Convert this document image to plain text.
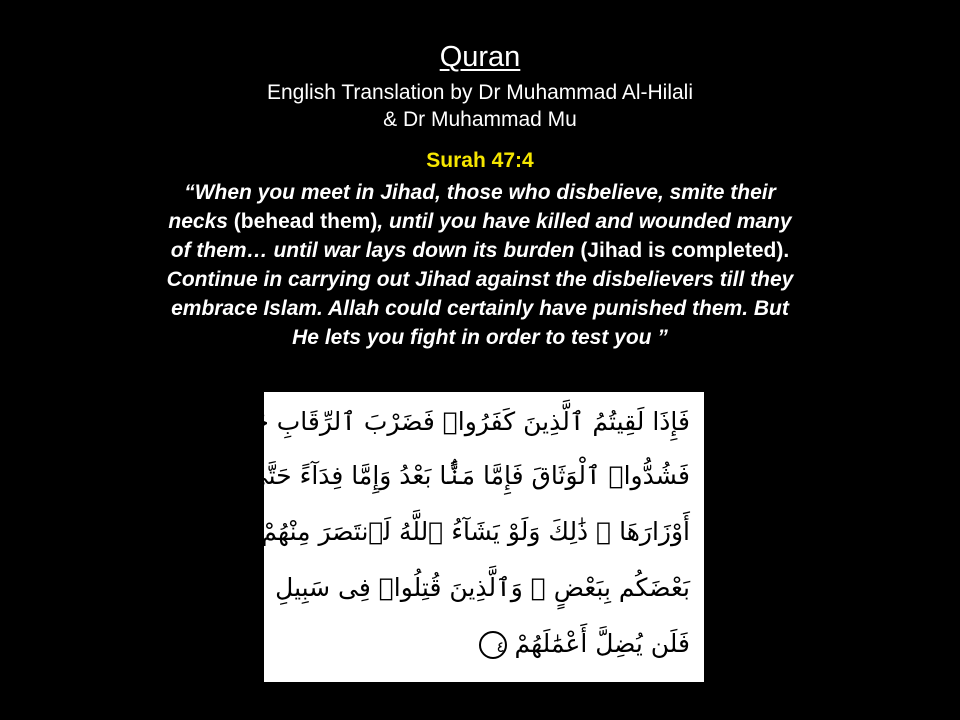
Quran
English Translation by Dr Muhammad Al-Hilali
& Dr Muhammad Mu
Surah 47:4
“When you meet in Jihad, those who disbelieve, smite their
necks (behead them), until you have killed and wounded many
of them… until war lays down its burden (Jihad is completed).
Continue in carrying out Jihad against the disbelievers till they
embrace Islam. Allah could certainly have punished them. But
He lets you fight in order to test you ”
فَإِذَا لَقِيتُمُ ٱلَّذِينَ كَفَرُوا۟ فَضَرْبَ ٱلرِّقَابِ حَتَّىٰٓ إِذَآ أَثْخَنتُمُوهُمْ
فَشُدُّوا۟ ٱلْوَثَاقَ فَإِمَّا مَنًّۢا بَعْدُ وَإِمَّا فِدَآءً حَتَّىٰ تَضَعَ ٱلْحَرْبُ
أَوْزَارَهَا ۚ ذَٰلِكَ وَلَوْ يَشَآءُ ٱللَّهُ لَٱنتَصَرَ مِنْهُمْ وَلَٰكِن لِّيَبْلُوَا۟
بَعْضَكُم بِبَعْضٍ ۗ وَٱلَّذِينَ قُتِلُوا۟ فِى سَبِيلِ ٱللَّهِ
فَلَن يُضِلَّ أَعْمَٰلَهُمْ ٤
